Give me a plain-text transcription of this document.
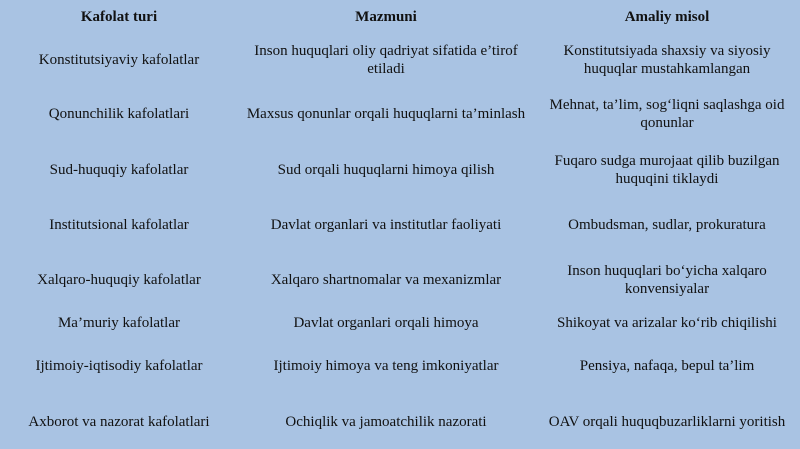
Kafolat turi	Mazmuni	Amaliy misol
Konstitutsiyaviy kafolatlar	Inson huquqlari oliy qadriyat sifatida e’tirof etiladi	Konstitutsiyada shaxsiy va siyosiy huquqlar mustahkamlangan
Qonunchilik kafolatlari	Maxsus qonunlar orqali huquqlarni ta’minlash	Mehnat, ta’lim, sog‘liqni saqlashga oid qonunlar
Sud-huquqiy kafolatlar	Sud orqali huquqlarni himoya qilish	Fuqaro sudga murojaat qilib buzilgan huquqini tiklaydi
Institutsional kafolatlar	Davlat organlari va institutlar faoliyati	Ombudsman, sudlar, prokuratura
Xalqaro-huquqiy kafolatlar	Xalqaro shartnomalar va mexanizmlar	Inson huquqlari bo‘yicha xalqaro konvensiyalar
Ma’muriy kafolatlar	Davlat organlari orqali himoya	Shikoyat va arizalar ko‘rib chiqilishi
Ijtimoiy-iqtisodiy kafolatlar	Ijtimoiy himoya va teng imkoniyatlar	Pensiya, nafaqa, bepul ta’lim
Axborot va nazorat kafolatlari	Ochiqlik va jamoatchilik nazorati	OAV orqali huquqbuzarliklarni yoritish
